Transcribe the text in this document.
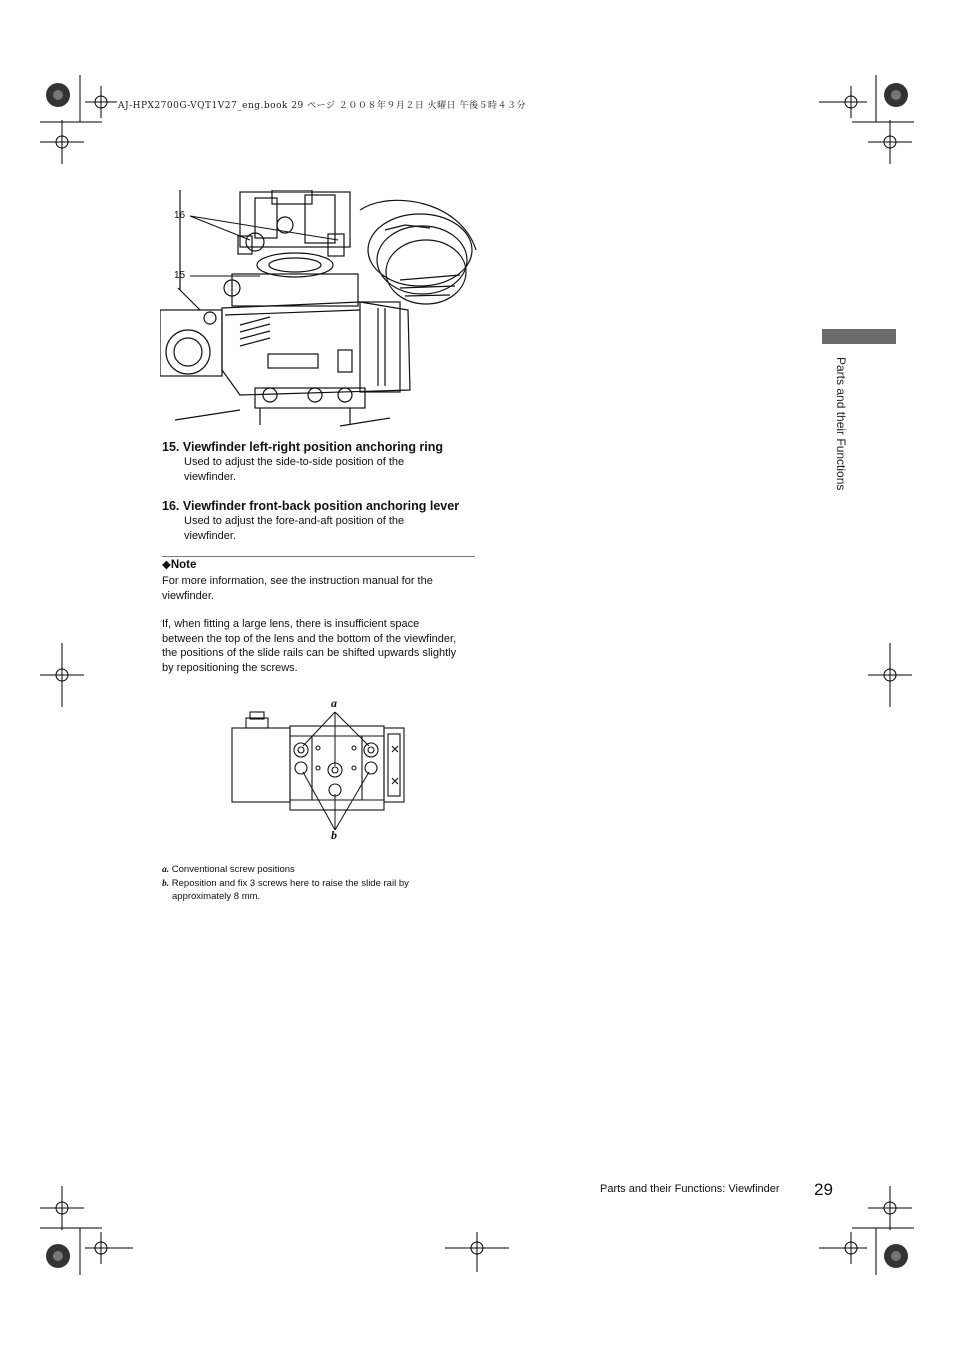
AJ-HPX2700G-VQT1V27_eng.book 29 ページ ２００８年９月２日 火曜日 午後５時４３分
16
15
15. Viewfinder left-right position anchoring ring
Used to adjust the side-to-side position of the
viewfinder.
16. Viewfinder front-back position anchoring lever
Used to adjust the fore-and-aft position of the
viewfinder.
◆Note
For more information, see the instruction manual for the
viewfinder.
If, when fitting a large lens, there is insufficient space
between the top of the lens and the bottom of the viewfinder,
the positions of the slide rails can be shifted upwards slightly
by repositioning the screws.
a
b
a. Conventional screw positions
b. Reposition and fix 3 screws here to raise the slide rail by
approximately 8 mm.
Parts and their Functions
Parts and their Functions: Viewfinder 29
